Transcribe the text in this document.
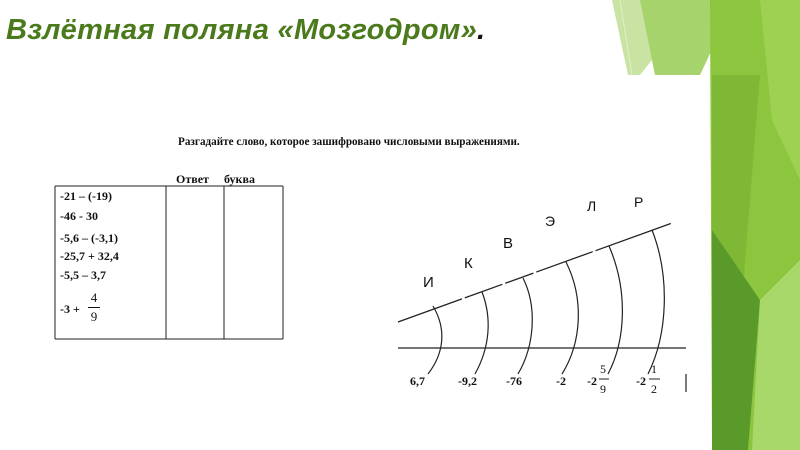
Взлётная поляна «Мозгодром».
Разгадайте слово, которое зашифровано числовыми выражениями.
Ответ буква
-21 – (-19)
-46 - 30
-5,6 – (-3,1)
-25,7 + 32,4
-5,5 – 3,7
-3 +
4
9
И
К
В
Э
Л	Р
6,7	-9,2 -76	-2 -2
5
9
-2
1
2
